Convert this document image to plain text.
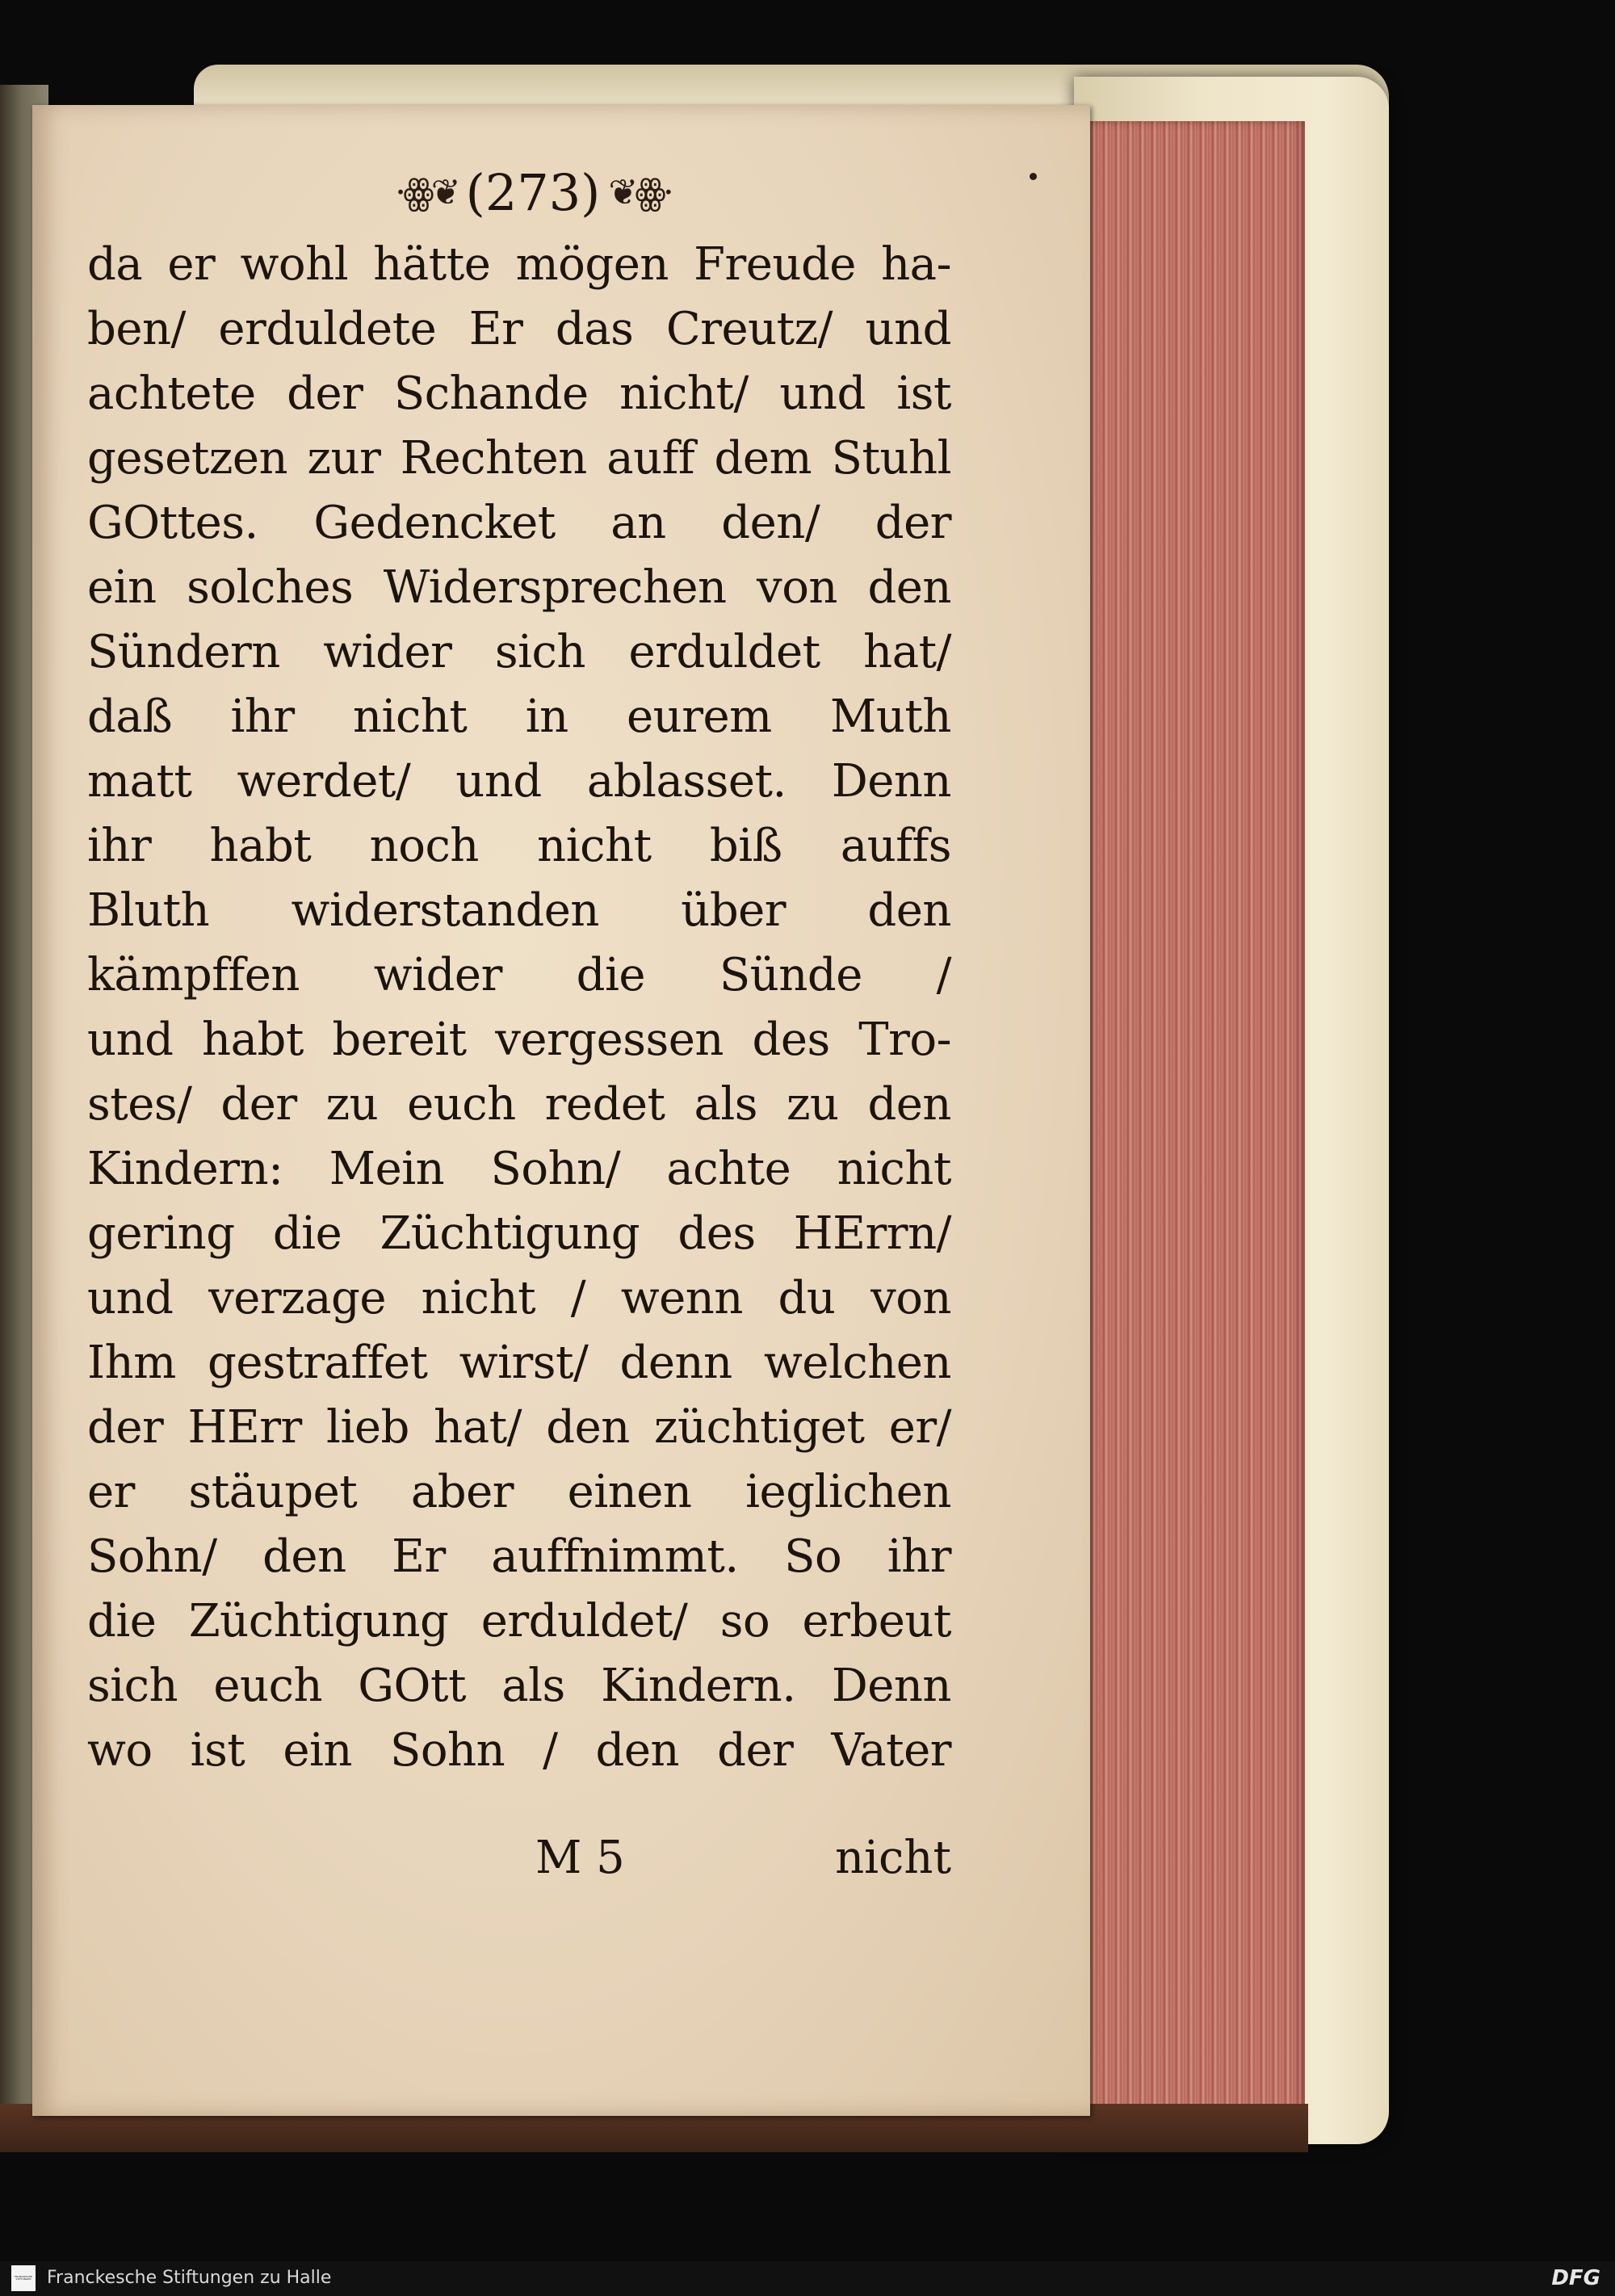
·ꙮ❦ (273) ❦ꙮ·
da er wohl hätte mögen Freude ha-
ben/ erduldete Er das Creutz/ und
achtete der Schande nicht/ und ist
gesetzen zur Rechten auff dem Stuhl
GOttes. Gedencket an den/ der
ein solches Widersprechen von den
Sündern wider sich erduldet hat/
daß ihr nicht in eurem Muth
matt werdet/ und ablasset. Denn
ihr habt noch nicht biß auffs
Bluth widerstanden über den
kämpffen wider die Sünde /
und habt bereit vergessen des Tro-
stes/ der zu euch redet als zu den
Kindern: Mein Sohn/ achte nicht
gering die Züchtigung des HErrn/
und verzage nicht / wenn du von
Ihm gestraffet wirst/ denn welchen
der HErr lieb hat/ den züchtiget er/
er stäupet aber einen ieglichen
Sohn/ den Er auffnimmt. So ihr
die Züchtigung erduldet/ so erbeut
sich euch GOtt als Kindern. Denn
wo ist ein Sohn / den der Vater
M 5	nicht
FRANCKESCHE STIFTUNGEN Franckesche Stiftungen zu Halle	DFG
